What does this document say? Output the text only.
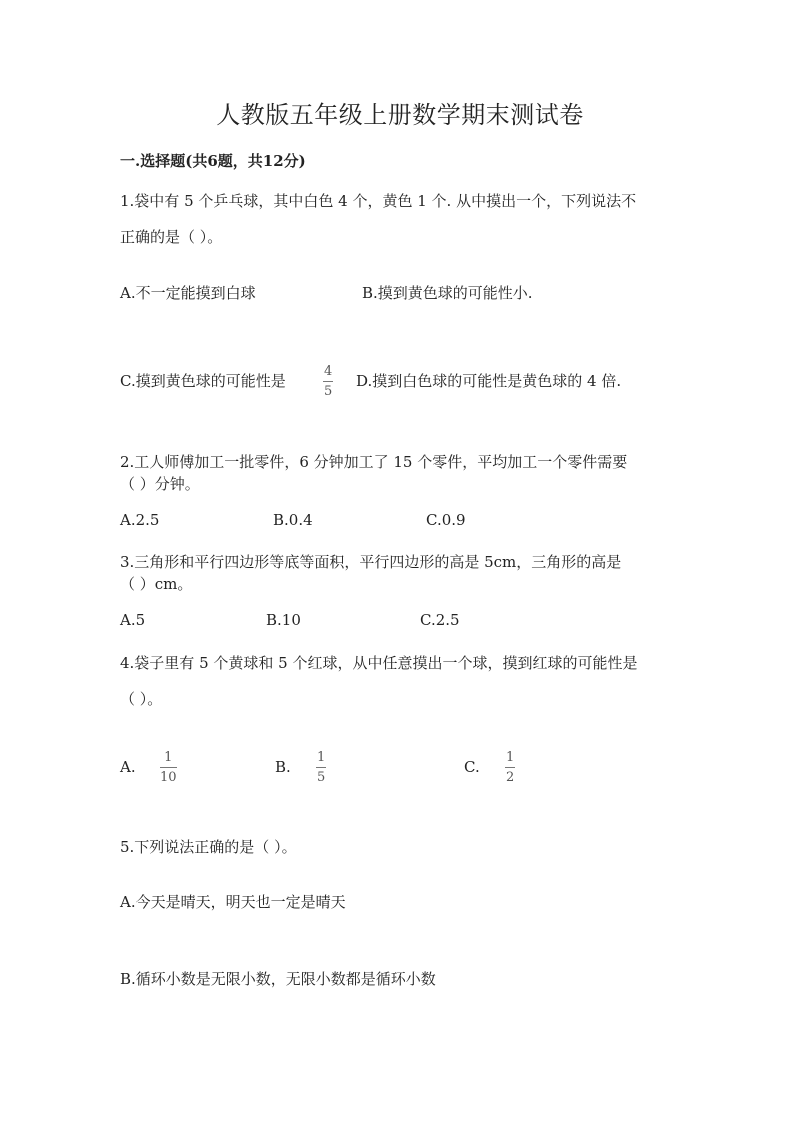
人教版五年级上册数学期末测试卷
一.选择题(共6题，共12分)
1.袋中有 5 个乒乓球，其中白色 4 个，黄色 1 个. 从中摸出一个，下列说法不
正确的是（ ）。
A.不一定能摸到白球	B.摸到黄色球的可能性小.
C.摸到黄色球的可能性是
4
5
D.摸到白色球的可能性是黄色球的 4 倍.
2.工人师傅加工一批零件，6 分钟加工了 15 个零件，平均加工一个零件需要
（ ）分钟。
A.2.5	B.0.4	C.0.9
3.三角形和平行四边形等底等面积，平行四边形的高是 5cm，三角形的高是
（ ）cm。
A.5	B.10	C.2.5
4.袋子里有 5 个黄球和 5 个红球，从中任意摸出一个球，摸到红球的可能性是
（ ）。
A.
1
10
B.
1
5
C.
1
2
5.下列说法正确的是（ ）。
A.今天是晴天，明天也一定是晴天
B.循环小数是无限小数，无限小数都是循环小数
